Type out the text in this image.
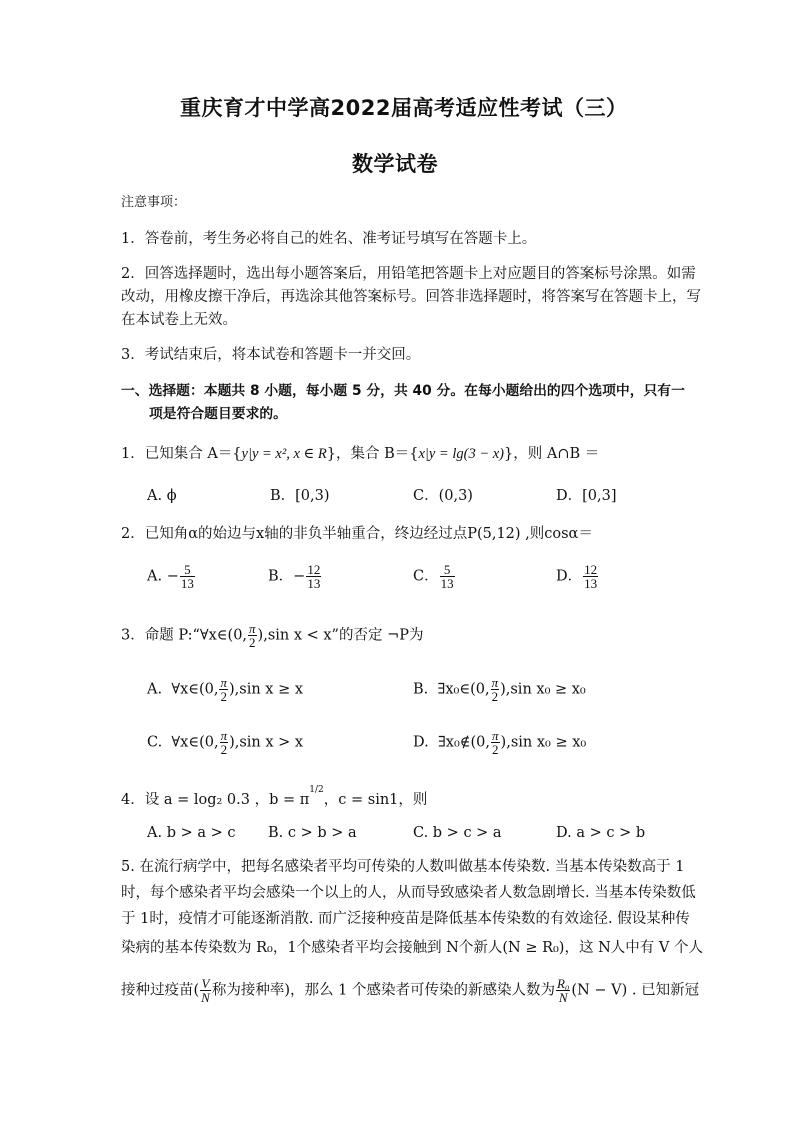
重庆育才中学高2022届高考适应性考试（三）
数学试卷
注意事项：
1．答卷前，考生务必将自己的姓名、准考证号填写在答题卡上。
2．回答选择题时，选出每小题答案后，用铅笔把答题卡上对应题目的答案标号涂黑。如需
改动，用橡皮擦干净后，再选涂其他答案标号。回答非选择题时，将答案写在答题卡上，写
在本试卷上无效。
3．考试结束后，将本试卷和答题卡一并交回。
一、选择题：本题共 8 小题，每小题 5 分，共 40 分。在每小题给出的四个选项中，只有一
项是符合题目要求的。
1．已知集合 A＝{y|y = x², x ∈ R}，集合 B＝{x|y = lg(3 − x)}，则 A∩B ＝
A. ϕ	B．[0,3)	C．(0,3)	D．[0,3]
2．已知角α的始边与x轴的非负半轴重合，终边经过点P(5,12) ,则cosα＝
A. − $\frac{5}{13}$	B．− $\frac{12}{13}$	C． $\frac{5}{13}$	D． $\frac{12}{13}$
3．命题 P:“∀x∈(0, $\frac{\pi}{2} ),\sin$ x < x”的否定 ¬P为
A. ∀x∈(0, $\frac{\pi}{2} ),\sin$ x ≥ x	B. ∃x₀∈(0, $\frac{\pi}{2} ),\sin$ x₀ ≥ x₀
C. ∀x∈(0, $\frac{\pi}{2} ),\sin$ x > x	D. ∃x₀∉(0, $\frac{\pi}{2} ),\sin$ x₀ ≥ x₀
4．设 a = log₂ 0.3 ，$b = \pi^{1/2}$，c = sin1，则
A. b > a > c B. c > b > a	C. b > c > a	D. a > c > b
5. 在流行病学中，把每名感染者平均可传染的人数叫做基本传染数. 当基本传染数高于 1
时，每个感染者平均会感染一个以上的人，从而导致感染者人数急剧增长. 当基本传染数低
于 1时，疫情才可能逐渐消散. 而广泛接种疫苗是降低基本传染数的有效途径. 假设某种传
染病的基本传染数为 R₀，1个感染者平均会接触到 N个新人(N ≥ R₀)，这 N人中有 V 个人
接种过疫苗( $\frac{V}{N}$ 称为接种率)，那么 1 个感染者可传染的新感染人数为 $\frac{\text{R₀}}{N} (N - V)$ . 已知新冠
